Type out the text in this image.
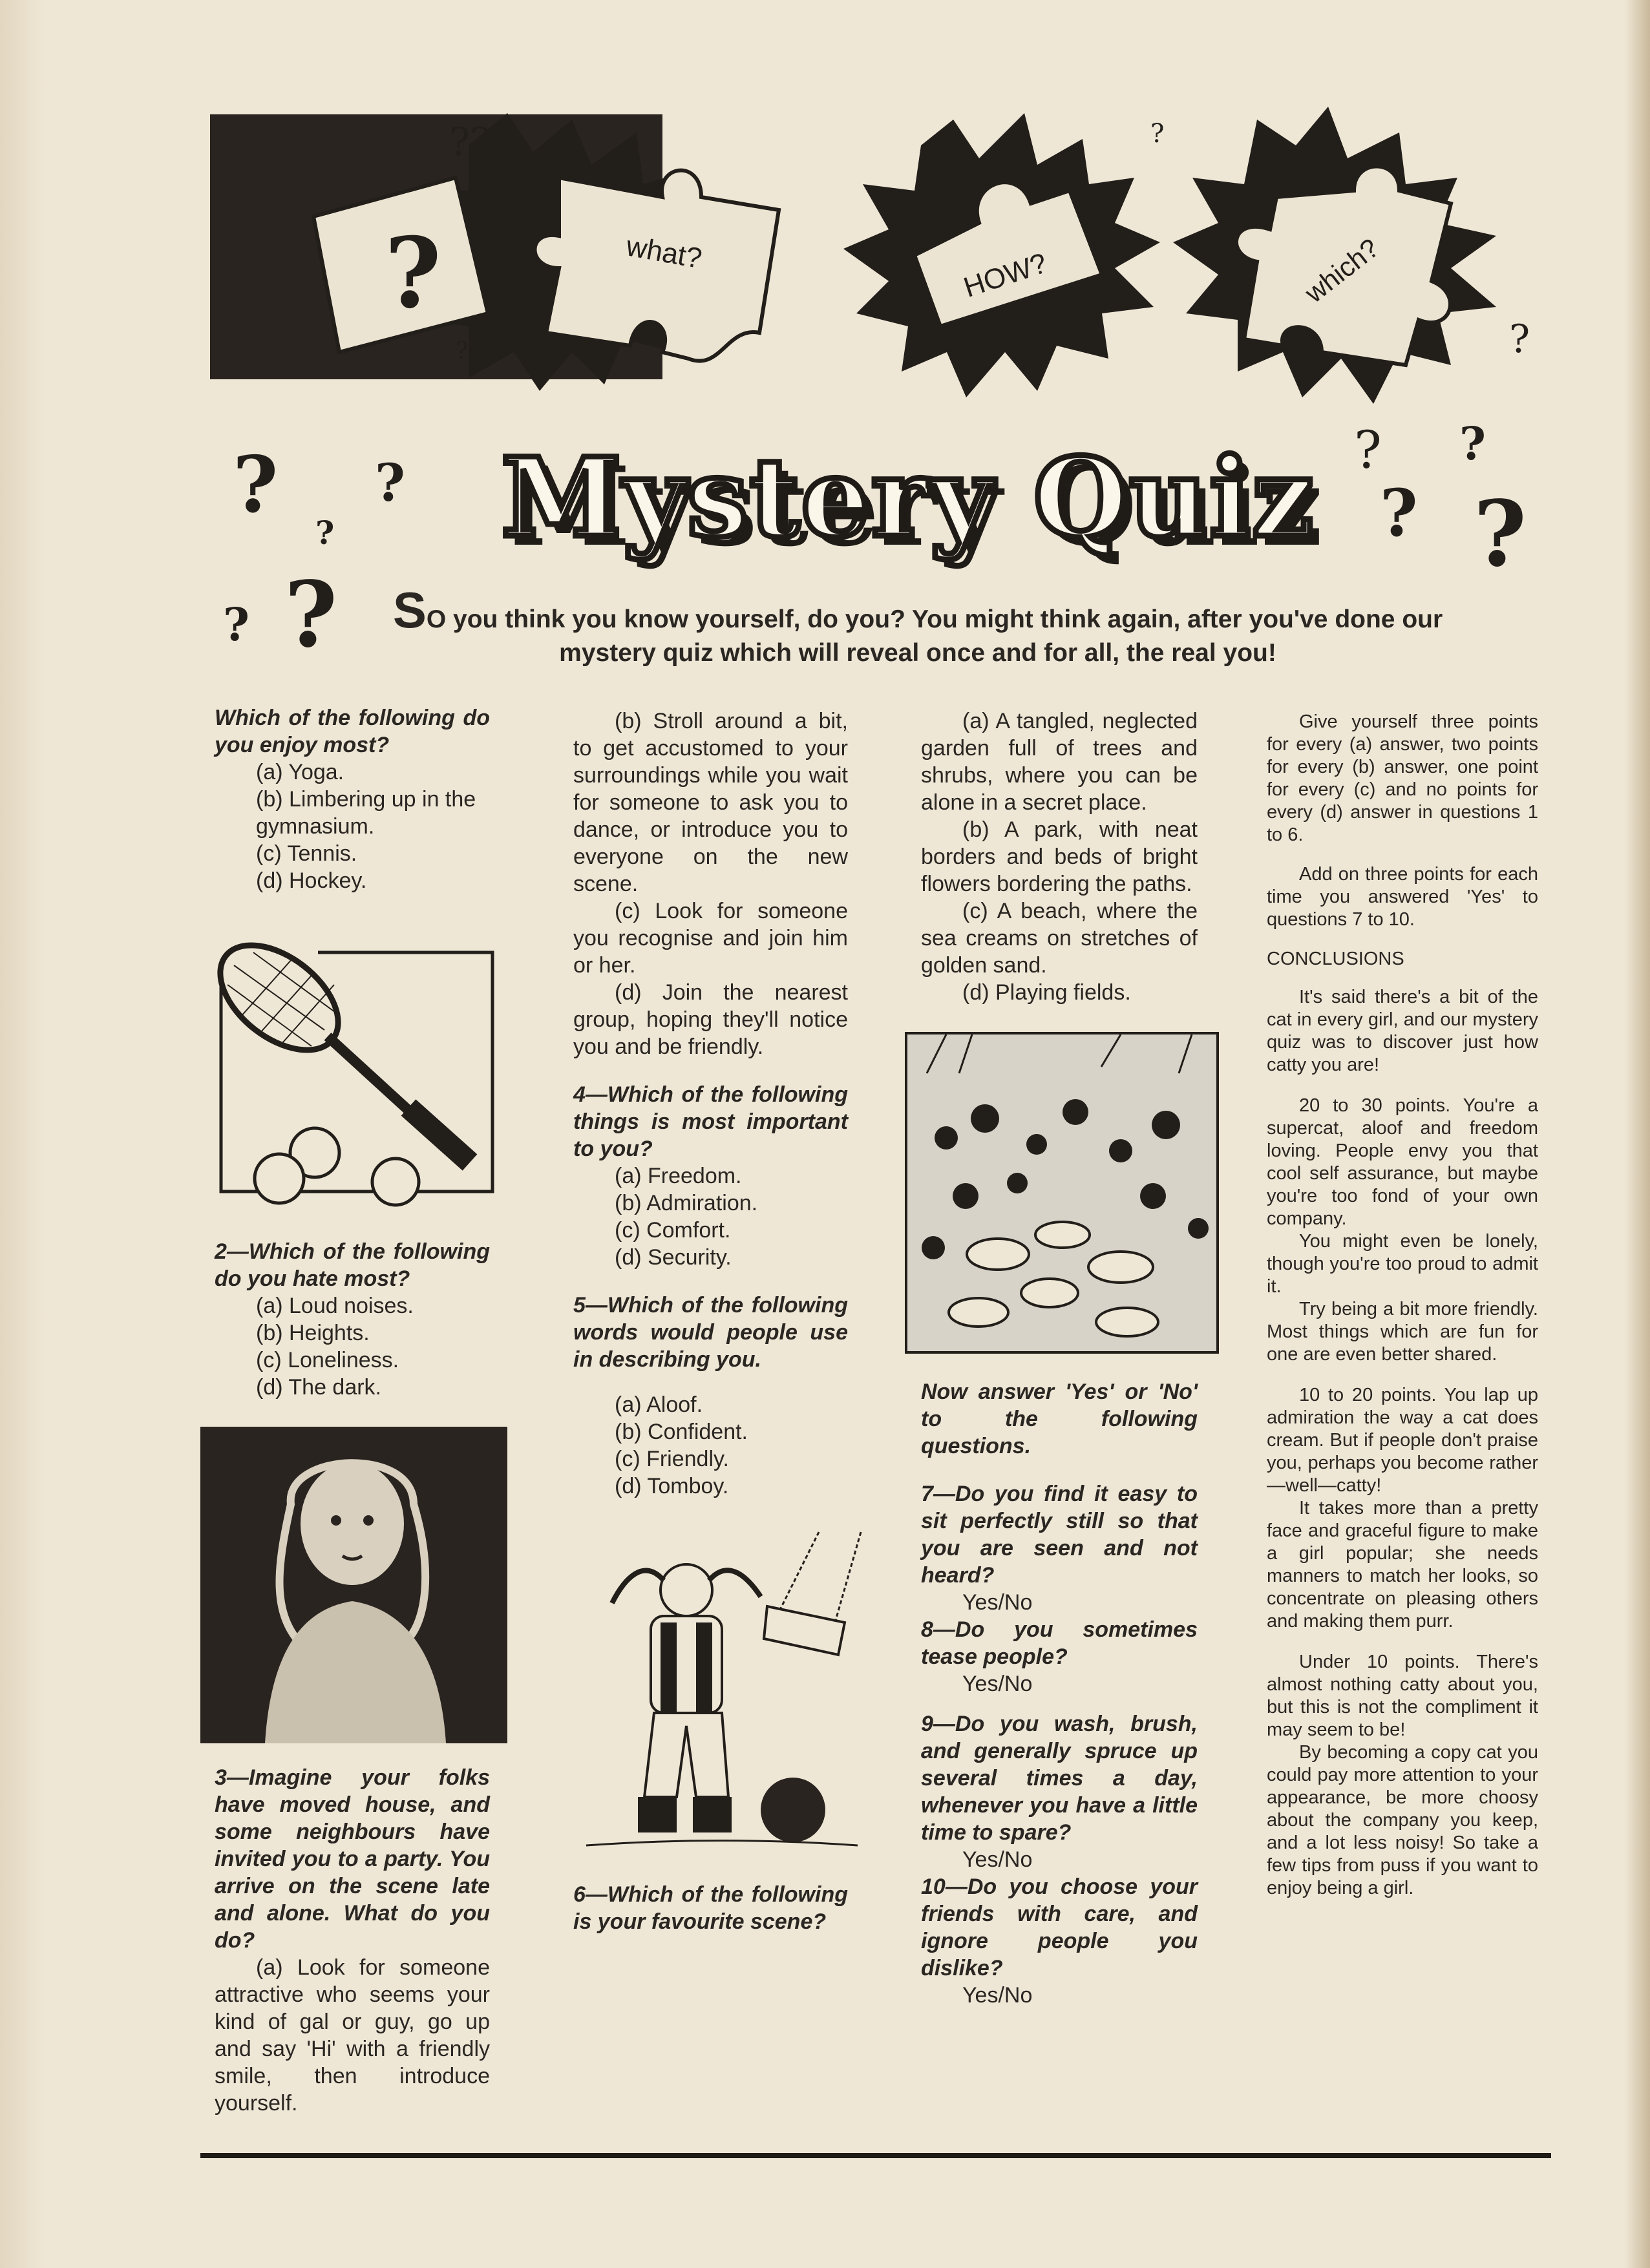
?	what?	HOW?	which?
??	?
?
?
? ?
?
?
?
? ?
? ?
Mystery Quiz
SO you think you know yourself, do you? You might think again, after you've done our mystery quiz which will reveal once and for all, the real you!

Which of the following do you enjoy most?

(a) Yoga.

(b) Limbering up in the gymnasium.

(c) Tennis.

(d) Hockey.

2—Which of the following do you hate most?

(a) Loud noises.

(b) Heights.

(c) Loneliness.

(d) The dark.

3—Imagine your folks have moved house, and some neighbours have invited you to a party. You arrive on the scene late and alone. What do you do?

(a) Look for someone attractive who seems your kind of gal or guy, go up and say 'Hi' with a friendly smile, then introduce yourself.

(b) Stroll around a bit, to get accustomed to your surroundings while you wait for someone to ask you to dance, or introduce you to everyone on the new scene.

(c) Look for someone you recognise and join him or her.

(d) Join the nearest group, hoping they'll notice you and be friendly.

4—Which of the following things is most important to you?

(a) Freedom.

(b) Admiration.

(c) Comfort.

(d) Security.

5—Which of the following words would people use in describing you.

(a) Aloof.

(b) Confident.

(c) Friendly.

(d) Tomboy.

6—Which of the following is your favourite scene?

(a) A tangled, neglected garden full of trees and shrubs, where you can be alone in a secret place.

(b) A park, with neat borders and beds of bright flowers bordering the paths.

(c) A beach, where the sea creams on stretches of golden sand.

(d) Playing fields.

Now answer 'Yes' or 'No' to the following questions.

7—Do you find it easy to sit perfectly still so that you are seen and not heard?

Yes/No

8—Do you sometimes tease people?

Yes/No

9—Do you wash, brush, and generally spruce up several times a day, whenever you have a little time to spare?

Yes/No

10—Do you choose your friends with care, and ignore people you dislike?

Yes/No

Give yourself three points for every (a) answer, two points for every (b) answer, one point for every (c) and no points for every (d) answer in questions 1 to 6.

Add on three points for each time you answered 'Yes' to questions 7 to 10.

CONCLUSIONS

It's said there's a bit of the cat in every girl, and our mystery quiz was to discover just how catty you are!

20 to 30 points. You're a supercat, aloof and freedom loving. People envy you that cool self assurance, but maybe you're too fond of your own company.

You might even be lonely, though you're too proud to admit it.

Try being a bit more friendly. Most things which are fun for one are even better shared.

10 to 20 points. You lap up admiration the way a cat does cream. But if people don't praise you, perhaps you become rather —well—catty!

It takes more than a pretty face and graceful figure to make a girl popular; she needs manners to match her looks, so concentrate on pleasing others and making them purr.

Under 10 points. There's almost nothing catty about you, but this is not the compliment it may seem to be!

By becoming a copy cat you could pay more attention to your appearance, be more choosy about the company you keep, and a lot less noisy! So take a few tips from puss if you want to enjoy being a girl.
